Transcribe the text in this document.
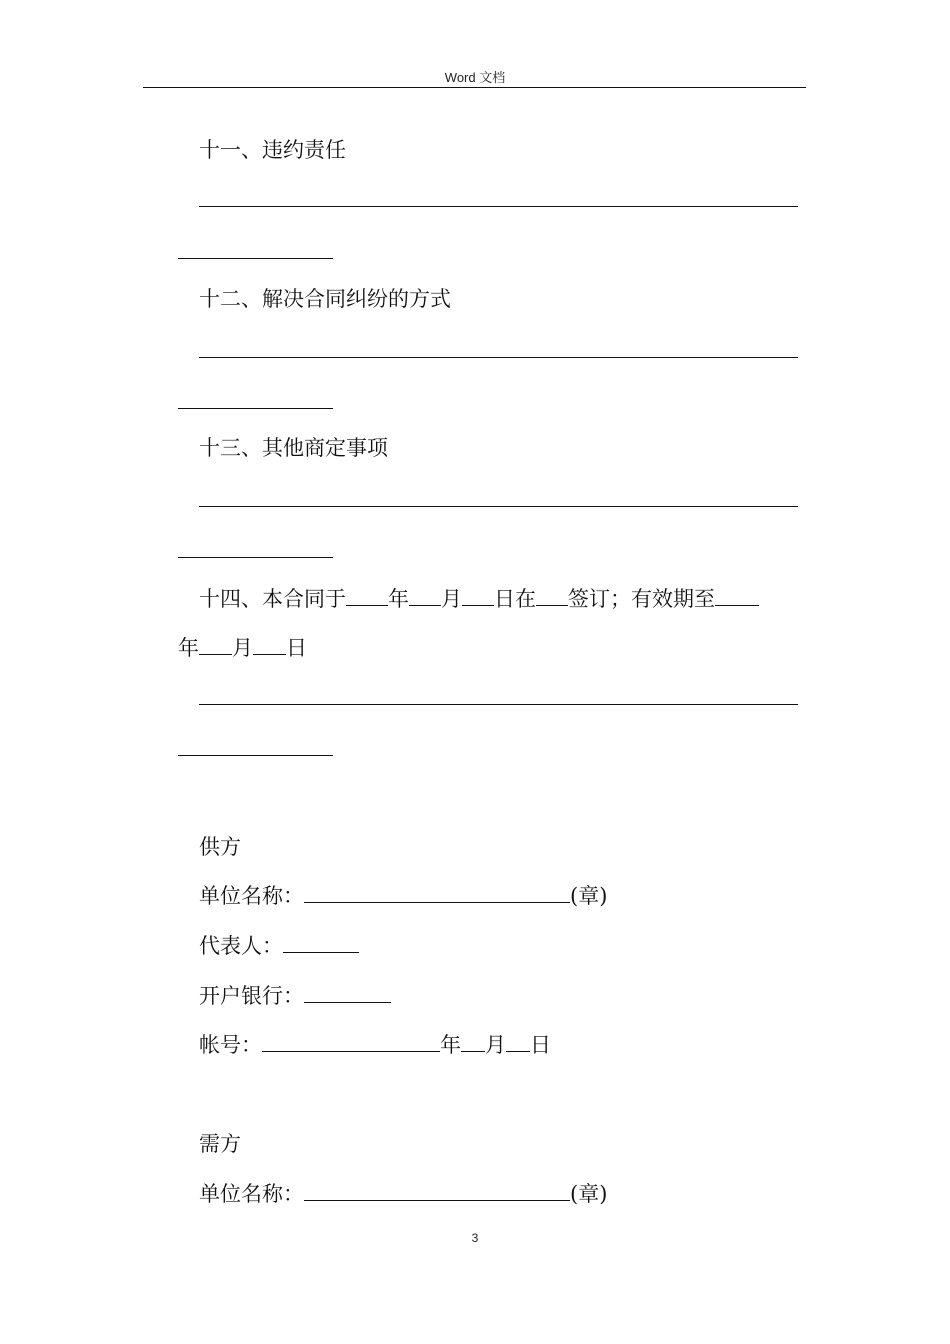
Word 文档
十一、违约责任
十二、解决合同纠纷的方式
十三、其他商定事项
十四、本合同于 年 月 日在 签订；有效期至
年 月 日
供方
单位名称：	(章)
代表人：
开户银行：
帐号：	年 月 日
需方
单位名称：	(章)
3
